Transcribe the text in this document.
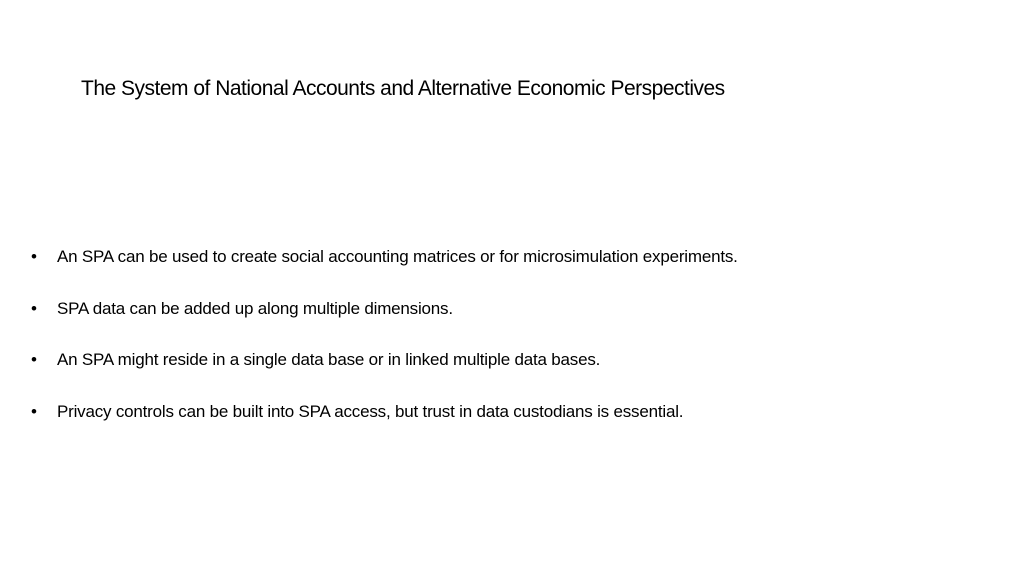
The System of National Accounts and Alternative Economic Perspectives
• An SPA can be used to create social accounting matrices or for microsimulation experiments.
• SPA data can be added up along multiple dimensions.
• An SPA might reside in a single data base or in linked multiple data bases.
• Privacy controls can be built into SPA access, but trust in data custodians is essential.
